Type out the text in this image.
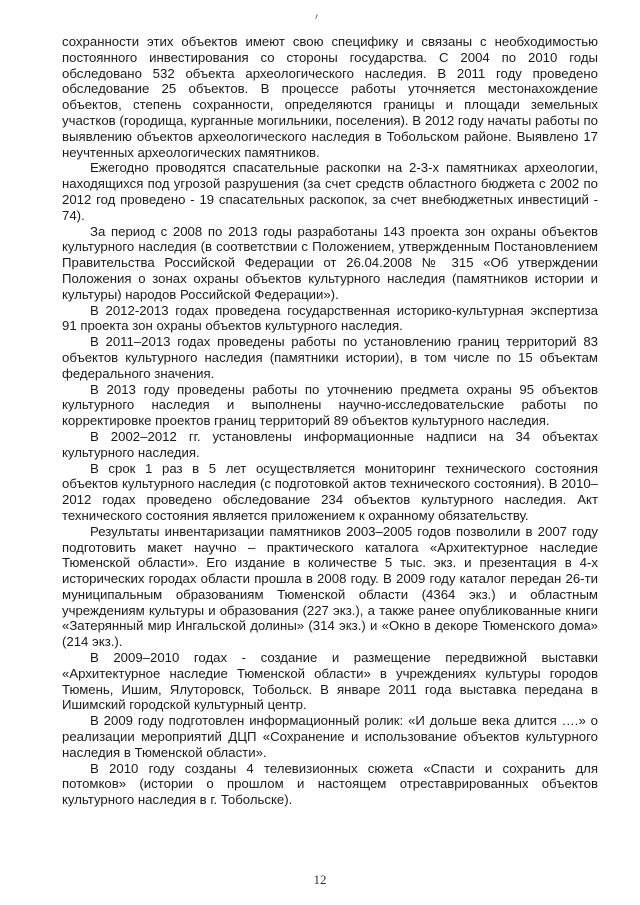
сохранности этих объектов имеют свою специфику и связаны с необходимостью постоянного инвестирования со стороны государства. С 2004 по 2010 годы обследовано 532 объекта археологического наследия. В 2011 году проведено обследование 25 объектов. В процессе работы уточняется местонахождение объектов, степень сохранности, определяются границы и площади земельных участков (городища, курганные могильники, поселения). В 2012 году начаты работы по выявлению объектов археологического наследия в Тобольском районе. Выявлено 17 неучтенных археологических памятников.

Ежегодно проводятся спасательные раскопки на 2-3-х памятниках археологии, находящихся под угрозой разрушения (за счет средств областного бюджета с 2002 по 2012 год проведено - 19 спасательных раскопок, за счет внебюджетных инвестиций - 74).

За период с 2008 по 2013 годы разработаны 143 проекта зон охраны объектов культурного наследия (в соответствии с Положением, утвержденным Постановлением Правительства Российской Федерации от 26.04.2008 № 315 «Об утверждении Положения о зонах охраны объектов культурного наследия (памятников истории и культуры) народов Российской Федерации»).

В 2012-2013 годах проведена государственная историко-культурная экспертиза 91 проекта зон охраны объектов культурного наследия.

В 2011–2013 годах проведены работы по установлению границ территорий 83 объектов культурного наследия (памятники истории), в том числе по 15 объектам федерального значения.

В 2013 году проведены работы по уточнению предмета охраны 95 объектов культурного наследия и выполнены научно-исследовательские работы по корректировке проектов границ территорий 89 объектов культурного наследия.

В 2002–2012 гг. установлены информационные надписи на 34 объектах культурного наследия.

В срок 1 раз в 5 лет осуществляется мониторинг технического состояния объектов культурного наследия (с подготовкой актов технического состояния). В 2010–2012 годах проведено обследование 234 объектов культурного наследия. Акт технического состояния является приложением к охранному обязательству.

Результаты инвентаризации памятников 2003–2005 годов позволили в 2007 году подготовить макет научно – практического каталога «Архитектурное наследие Тюменской области». Его издание в количестве 5 тыс. экз. и презентация в 4-х исторических городах области прошла в 2008 году. В 2009 году каталог передан 26-ти муниципальным образованиям Тюменской области (4364 экз.) и областным учреждениям культуры и образования (227 экз.), а также ранее опубликованные книги «Затерянный мир Ингальской долины» (314 экз.) и «Окно в декоре Тюменского дома» (214 экз.).

В 2009–2010 годах - создание и размещение передвижной выставки «Архитектурное наследие Тюменской области» в учреждениях культуры городов Тюмень, Ишим, Ялуторовск, Тобольск. В январе 2011 года выставка передана в Ишимский городской культурный центр.

В 2009 году подготовлен информационный ролик: «И дольше века длится ….» о реализации мероприятий ДЦП «Сохранение и использование объектов культурного наследия в Тюменской области».

В 2010 году созданы 4 телевизионных сюжета «Спасти и сохранить для потомков» (истории о прошлом и настоящем отреставрированных объектов культурного наследия в г. Тобольске).

12
